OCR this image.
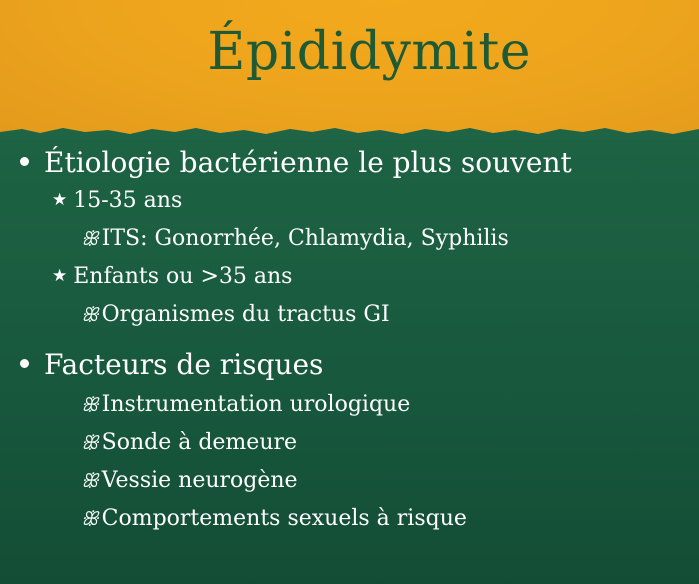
Épididymite
Étiologie bactérienne le plus souvent
★ 15-35 ans
ꕥ ITS: Gonorrhée, Chlamydia, Syphilis
★ Enfants ou >35 ans
ꕥ Organismes du tractus GI
Facteurs de risques
ꕥ Instrumentation urologique
ꕥ Sonde à demeure
ꕥ Vessie neurogène
ꕥ Comportements sexuels à risque
